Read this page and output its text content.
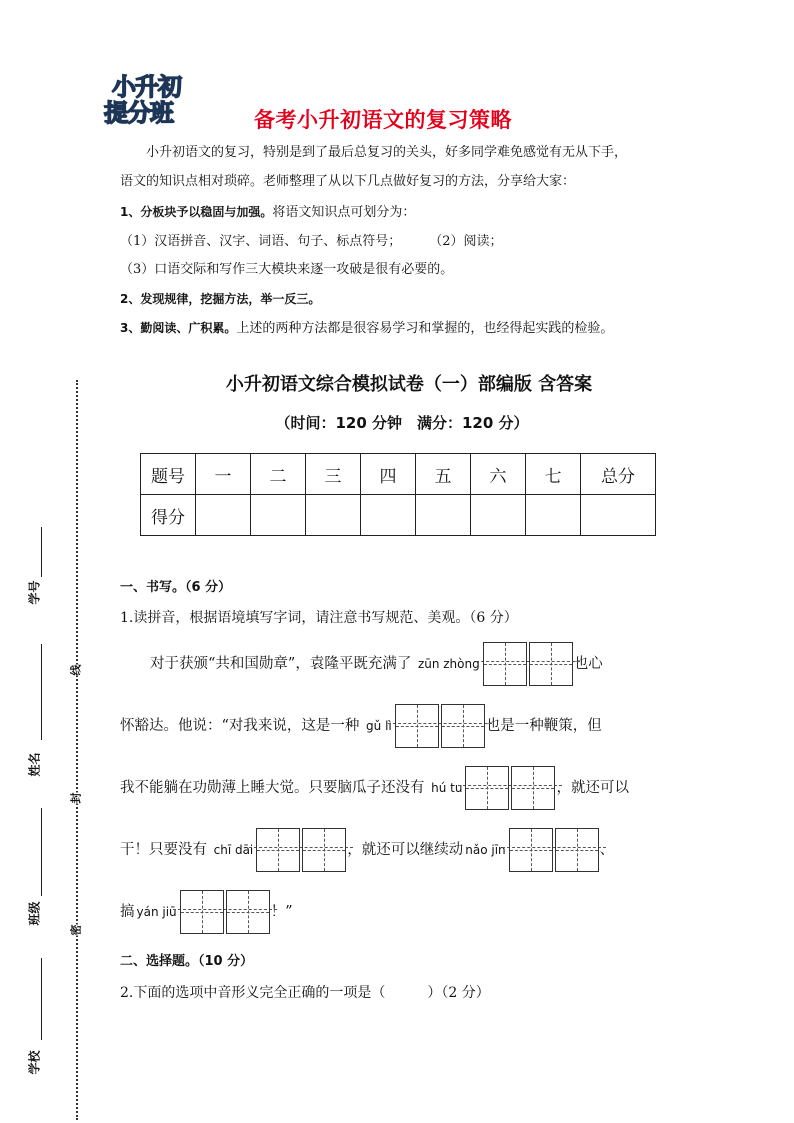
小升初
提分班	备考小升初语文的复习策略
小升初语文的复习，特别是到了最后总复习的关头，好多同学难免感觉有无从下手，
语文的知识点相对琐碎。老师整理了从以下几点做好复习的方法，分享给大家：
1、分板块予以稳固与加强。将语文知识点可划分为：
（1）汉语拼音、汉字、词语、句子、标点符号； （2）阅读；
（3）口语交际和写作三大模块来逐一攻破是很有必要的。
2、发现规律，挖掘方法，举一反三。
3、勤阅读、广积累。上述的两种方法都是很容易学习和掌握的，也经得起实践的检验。
小升初语文综合模拟试卷（一）部编版 含答案
（时间：120 分钟　满分：120 分）
题号	一	二	三	四	五	六	七	总分
得分								
一、书写。（6 分）
1.读拼音，根据语境填写字词，请注意书写规范、美观。（6 分）
对于获颁“共和国勋章”，袁隆平既充满了 zūn zhòng	也心
怀豁达。他说：“对我来说，这是一种 gǔ lì	也是一种鞭策，但
我不能躺在功勋薄上睡大觉。只要脑瓜子还没有 hú tu	，就还可以
干！只要没有 chī dāi	，就还可以继续动 nǎo jīn	、
搞 yán jiū	！”
二、选择题。（10 分）
2.下面的选项中音形义完全正确的一项是（　　　）（2 分）
学号
姓名
班级
学校
线
封
密
